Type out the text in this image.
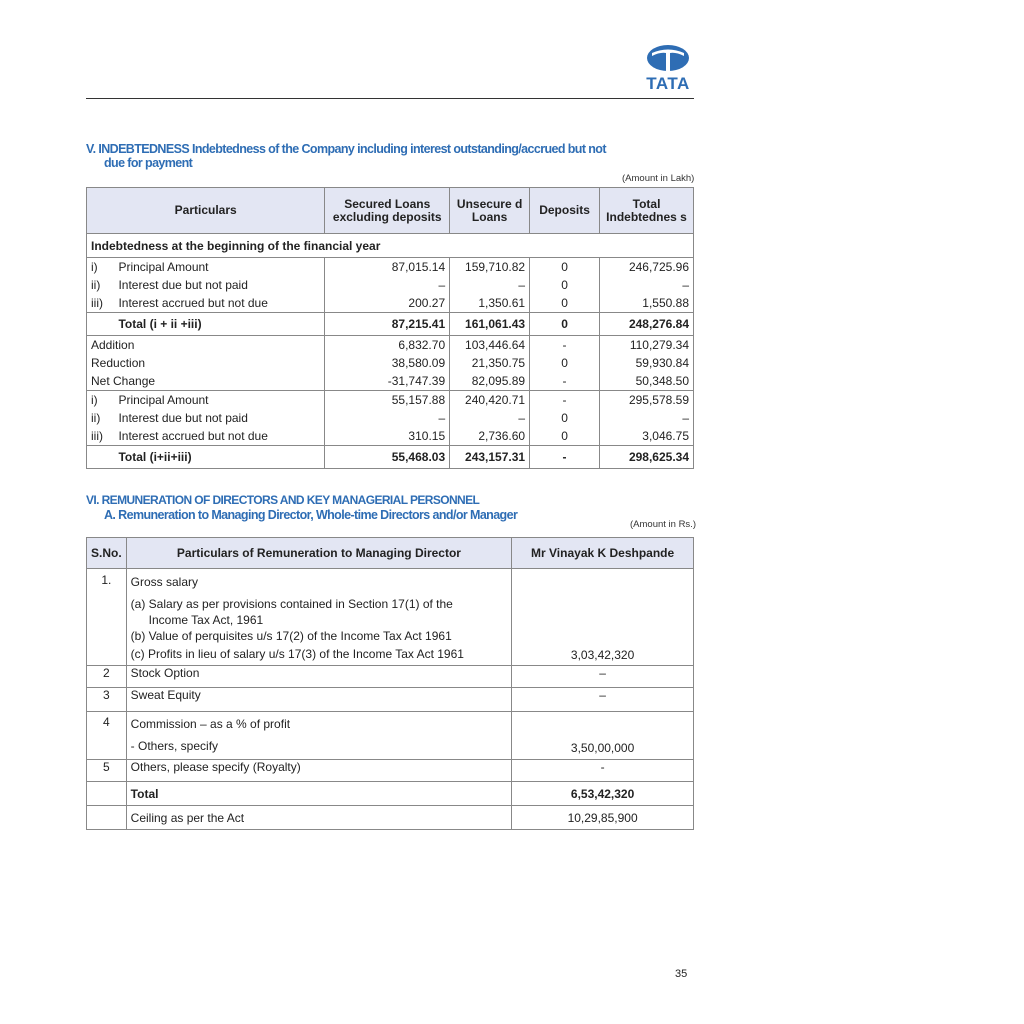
TATA
V. INDEBTEDNESS Indebtedness of the Company including interest outstanding/accrued but not
due for payment
(Amount in Lakh)
Particulars		Secured Loans excluding deposits	Unsecure d Loans	Deposits	Total Indebtednes s
Indebtedness at the beginning of the financial year					
i)	Principal Amount	87,015.14	159,710.82	0	246,725.96
ii)	Interest due but not paid	–	–	0	–
iii)	Interest accrued but not due	200.27	1,350.61	0	1,550.88
	Total (i + ii +iii)	87,215.41	161,061.43	0	248,276.84
Addition		6,832.70	103,446.64	-	110,279.34
Reduction		38,580.09	21,350.75	0	59,930.84
Net Change		-31,747.39	82,095.89	-	50,348.50
i)	Principal Amount	55,157.88	240,420.71	-	295,578.59
ii)	Interest due but not paid	–	–	0	–
iii)	Interest accrued but not due	310.15	2,736.60	0	3,046.75
	Total (i+ii+iii)	55,468.03	243,157.31	-	298,625.34
VI. REMUNERATION OF DIRECTORS AND KEY MANAGERIAL PERSONNEL
A. Remuneration to Managing Director, Whole-time Directors and/or Manager
(Amount in Rs.)
S.No.	Particulars of Remuneration to Managing Director	Mr Vinayak K Deshpande
1.	Gross salary
(a) Salary as per provisions contained in Section 17(1) of the
Income Tax Act, 1961
(b) Value of perquisites u/s 17(2) of the Income Tax Act 1961
(c) Profits in lieu of salary u/s 17(3) of the Income Tax Act 1961	3,03,42,320
2	Stock Option	–
3	Sweat Equity	–
4	Commission – as a % of profit
- Others, specify	3,50,00,000
5	Others, please specify (Royalty)	-
	Total	6,53,42,320
	Ceiling as per the Act	10,29,85,900
35
